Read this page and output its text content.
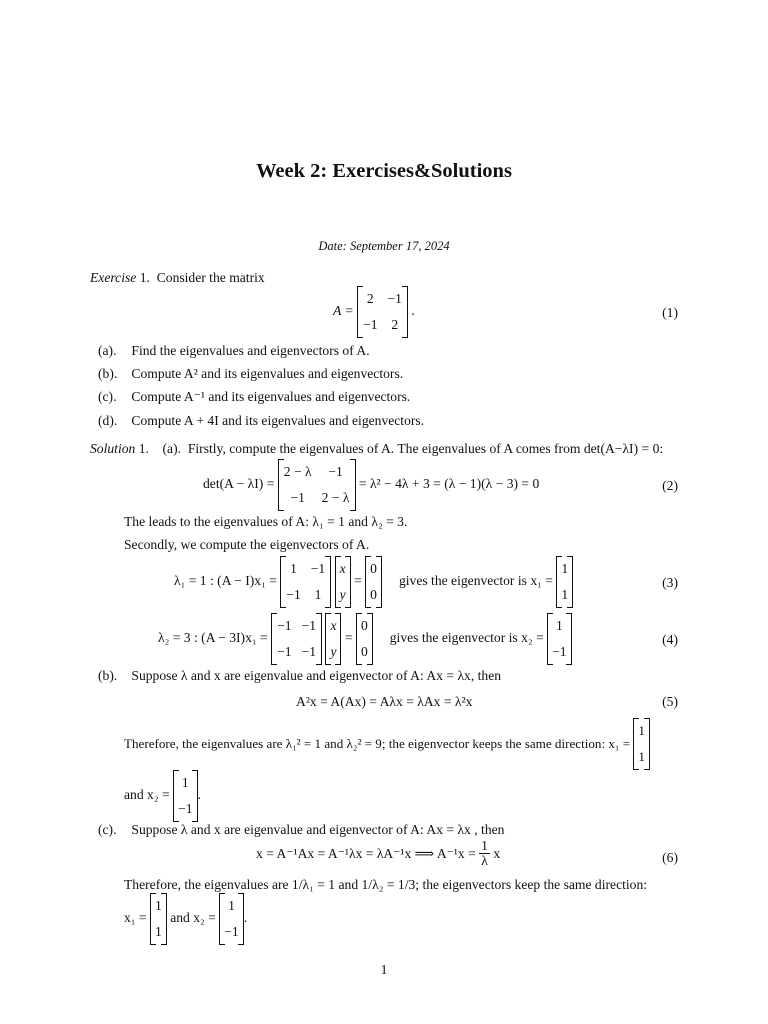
Week 2: Exercises&Solutions
Date: September 17, 2024
Exercise 1. Consider the matrix
A =
2	−1
−1	2
.	(1)
(a). Find the eigenvalues and eigenvectors of A.
(b). Compute A² and its eigenvalues and eigenvectors.
(c). Compute A⁻¹ and its eigenvalues and eigenvectors.
(d). Compute A + 4I and its eigenvalues and eigenvectors.
Solution 1. (a). Firstly, compute the eigenvalues of A. The eigenvalues of A comes from det(A−λI) = 0:
det(A − λI) =
2 − λ	−1
−1	2 − λ
= λ² − 4λ + 3 = (λ − 1)(λ − 3) = 0	(2)
The leads to the eigenvalues of A: λ₁ = 1 and λ₂ = 3.
Secondly, we compute the eigenvectors of A.
λ₁ = 1 : (A − I)x₁ =
1	−1
−1	1

x
y
=
0
0
gives the eigenvector is x₁ =
1
1
(3)
λ₂ = 3 : (A − 3I)x₁ =
−1	−1
−1	−1

x
y
=
0
0
gives the eigenvector is x₂ =
1
−1
(4)
(b). Suppose λ and x are eigenvalue and eigenvector of A: Ax = λx, then
A²x = A(Ax) = Aλx = λAx = λ²x	(5)
Therefore, the eigenvalues are λ₁² = 1 and λ₂² = 9; the eigenvector keeps the same direction: x₁ =
1
1
and x₂ =
1
−1
.
(c). Suppose λ and x are eigenvalue and eigenvector of A: Ax = λx , then
x = A⁻¹Ax = A⁻¹λx = λA⁻¹x ⟹ $A^{-1}x = \frac{1}{\lambda}$ x	(6)
Therefore, the eigenvalues are 1/λ₁ = 1 and 1/λ₂ = 1/3; the eigenvectors keep the same direction:
x₁ =
1
1
and x₂ =
1
−1
.
1
